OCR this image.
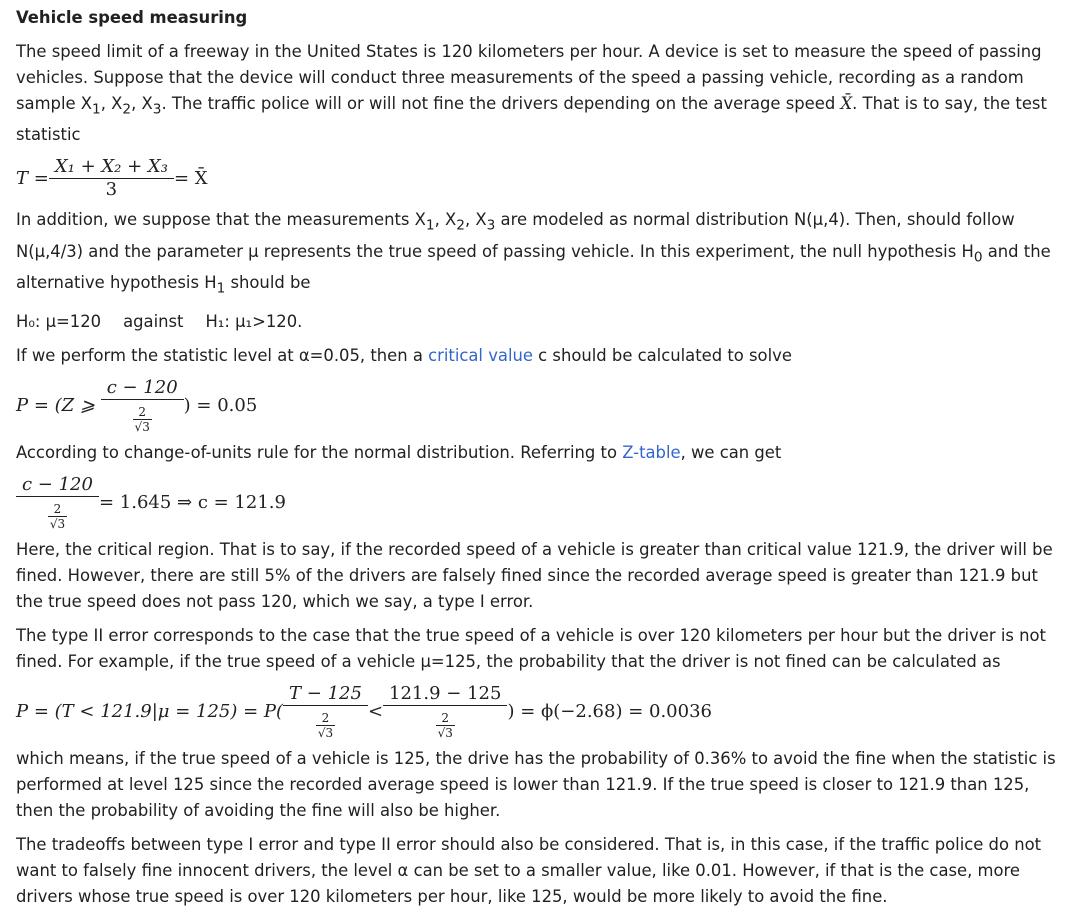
Vehicle speed measuring

The speed limit of a freeway in the United States is 120 kilometers per hour. A device is set to measure the speed of passing vehicles. Suppose that the device will conduct three measurements of the speed a passing vehicle, recording as a random sample $X_1$, $X_2$, $X_3$. The traffic police will or will not fine the drivers depending on the average speed X̄. That is to say, the test statistic

$T = \frac{\text{X₁ + X₂ + X₃}}{3}$ = X̄

In addition, we suppose that the measurements $X_1$, $X_2$, $X_3$ are modeled as normal distribution N(μ,4). Then, should follow N(μ,4/3) and the parameter μ represents the true speed of passing vehicle. In this experiment, the null hypothesis $H_0$ and the alternative hypothesis $H_1$ should be

H₀: μ=120 against H₁: μ₁>120.

If we perform the statistic level at α=0.05, then a critical value c should be calculated to solve

P = (Z ⩾ $\frac{c - 120}{\frac{2}{√3}}$ ) = 0.05

According to change-of-units rule for the normal distribution. Referring to Z-table, we can get

$\frac{c - 120}{\frac{2}{√3}} = 1.645$ ⇒ c = 121.9

Here, the critical region. That is to say, if the recorded speed of a vehicle is greater than critical value 121.9, the driver will be fined. However, there are still 5% of the drivers are falsely fined since the recorded average speed is greater than 121.9 but the true speed does not pass 120, which we say, a type I error.

The type II error corresponds to the case that the true speed of a vehicle is over 120 kilometers per hour but the driver is not fined. For example, if the true speed of a vehicle μ=125, the probability that the driver is not fined can be calculated as

$P = (T < 121.9|\mu = 125) = P( \frac{T - 125}{\frac{2}{√3}} < \frac{121.9 - 125}{\frac{2}{√3}}$ ) = ϕ(−2.68) = 0.0036

which means, if the true speed of a vehicle is 125, the drive has the probability of 0.36% to avoid the fine when the statistic is performed at level 125 since the recorded average speed is lower than 121.9. If the true speed is closer to 121.9 than 125, then the probability of avoiding the fine will also be higher.

The tradeoffs between type I error and type II error should also be considered. That is, in this case, if the traffic police do not want to falsely fine innocent drivers, the level α can be set to a smaller value, like 0.01. However, if that is the case, more drivers whose true speed is over 120 kilometers per hour, like 125, would be more likely to avoid the fine.
